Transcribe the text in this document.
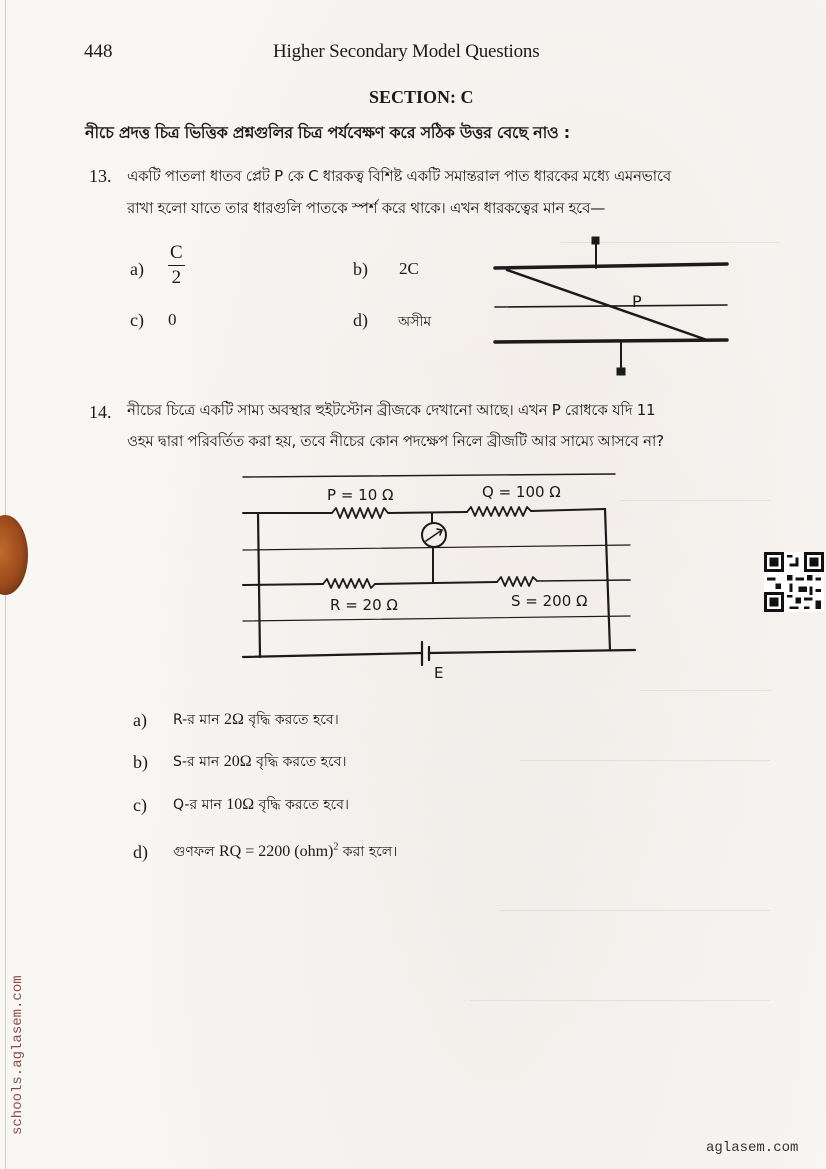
448	Higher Secondary Model Questions
SECTION: C
নীচে প্রদত্ত চিত্র ভিত্তিক প্রশ্নগুলির চিত্র পর্যবেক্ষণ করে সঠিক উত্তর বেছে নাও :
13. একটি পাতলা ধাতব প্লেট P কে C ধারকত্ব বিশিষ্ট একটি সমান্তরাল পাত ধারকের মধ্যে এমনভাবে
রাখা হলো যাতে তার ধারগুলি পাতকে স্পর্শ করে থাকে। এখন ধারকত্বের মান হবে—
$a) \frac{C}{2}$	b) 2C
c) 0	d) অসীম
P
14. নীচের চিত্রে একটি সাম্য অবস্থার হুইটস্টোন ব্রীজকে দেখানো আছে। এখন P রোধকে যদি 11
ওহম দ্বারা পরিবর্তিত করা হয়, তবে নীচের কোন পদক্ষেপ নিলে ব্রীজটি আর সাম্যে আসবে না?
P = 10 Ω	Q = 100 Ω
R = 20 Ω	S = 200 Ω
E
a) R-র মান 2Ω বৃদ্ধি করতে হবে।
b) S-র মান 20Ω বৃদ্ধি করতে হবে।
c) Q-র মান 10Ω বৃদ্ধি করতে হবে।
d) গুণফল RQ = 2200 (ohm)$^2$ করা হলে।
schools.aglasem.com
aglasem.com
